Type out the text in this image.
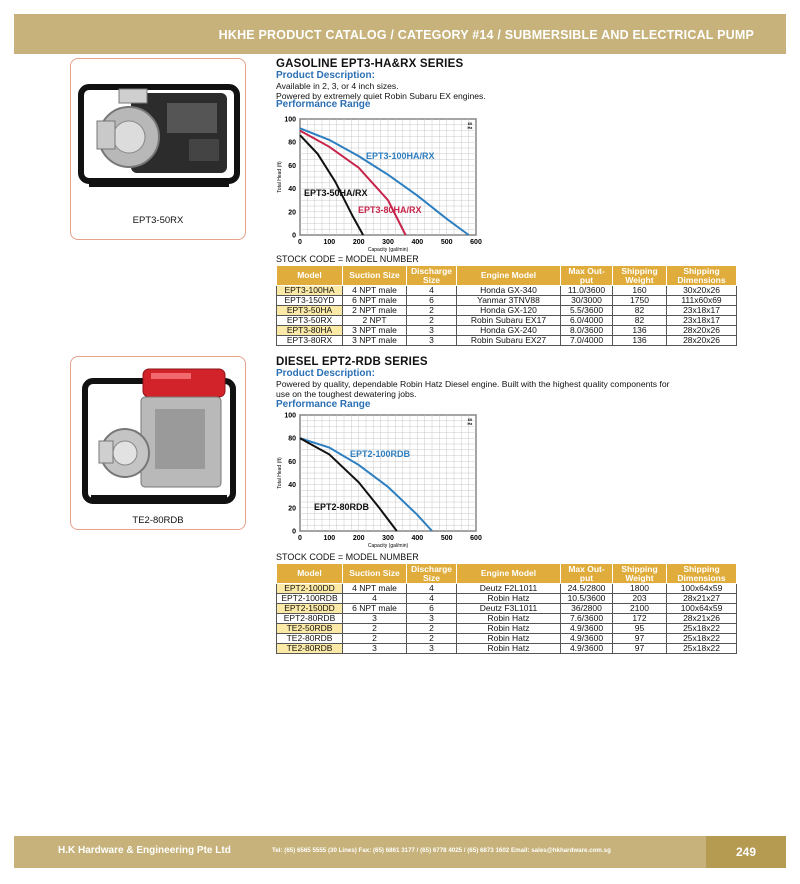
HKHE PRODUCT CATALOG / CATEGORY #14 / SUBMERSIBLE AND ELECTRICAL PUMP
EPT3-50RX
GASOLINE EPT3-HA&RX SERIES
Product Description:
Available in 2, 3, or 4 inch sizes.
Powered by extremely quiet Robin Subaru EX engines.
Performance Range
0
20
40
60
80
100
0	100	200	300	400	500	600
Capacity (gal/min)
Total Head (ft)
60
Hz
EPT3-100HA/RX
EPT3-80HA/RX
EPT3-50HA/RX
STOCK CODE = MODEL NUMBER
Model	Suction Size	Discharge Size	Engine Model	Max Out-put	Shipping Weight	Shipping Dimensions
EPT3-100HA	4 NPT male	4	Honda GX-340	11.0/3600	160	30x20x26
EPT3-150YD	6 NPT male	6	Yanmar 3TNV88	30/3000	1750	111x60x69
EPT3-50HA	2 NPT male	2	Honda GX-120	5.5/3600	82	23x18x17
EPT3-50RX	2 NPT	2	Robin Subaru EX17	6.0/4000	82	23x18x17
EPT3-80HA	3 NPT male	3	Honda GX-240	8.0/3600	136	28x20x26
EPT3-80RX	3 NPT male	3	Robin Subaru EX27	7.0/4000	136	28x20x26
TE2-80RDB
DIESEL EPT2-RDB SERIES
Product Description:
Powered by quality, dependable Robin Hatz Diesel engine. Built with the highest quality components for
use on the toughest dewatering jobs.
Performance Range
0
20
40
60
80
100
0	100	200	300	400	500	600
Capacity (gal/min)
Total Head (ft)
60
Hz
EPT2-100RDB
EPT2-80RDB
STOCK CODE = MODEL NUMBER
Model	Suction Size	Discharge Size	Engine Model	Max Out-put	Shipping Weight	Shipping Dimensions
EPT2-100DD	4 NPT male	4	Deutz F2L1011	24.5/2800	1800	100x64x59
EPT2-100RDB	4	4	Robin Hatz	10.5/3600	203	28x21x27
EPT2-150DD	6 NPT male	6	Deutz F3L1011	36/2800	2100	100x64x59
EPT2-80RDB	3	3	Robin Hatz	7.6/3600	172	28x21x26
TE2-50RDB	2	2	Robin Hatz	4.9/3600	95	25x18x22
TE2-80RDB	2	2	Robin Hatz	4.9/3600	97	25x18x22
TE2-80RDB	3	3	Robin Hatz	4.9/3600	97	25x18x22
H.K Hardware & Engineering Pte Ltd	Tel: (65) 6565 5555 (30 Lines) Fax: (65) 6861 3177 / (65) 6778 4025 / (65) 6873 1602 Email: sales@hkhardware.com.sg	249
